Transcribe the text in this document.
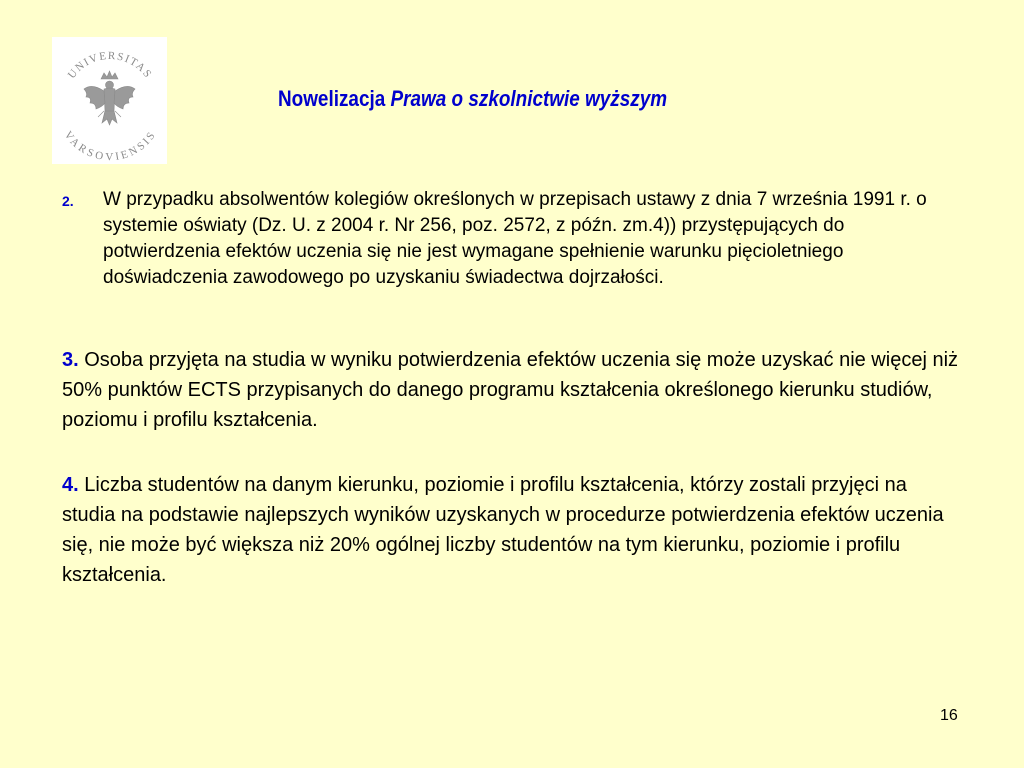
UNIVERSITAS
VARSOVIENSIS
Nowelizacja Prawa o szkolnictwie wyższym
2. W przypadku absolwentów kolegiów określonych w przepisach ustawy z dnia 7 września 1991 r. o systemie oświaty (Dz. U. z 2004 r. Nr 256, poz. 2572, z późn. zm.4)) przystępujących do potwierdzenia efektów uczenia się nie jest wymagane spełnienie warunku pięcioletniego doświadczenia zawodowego po uzyskaniu świadectwa dojrzałości.
3. Osoba przyjęta na studia w wyniku potwierdzenia efektów uczenia się może uzyskać nie więcej niż 50% punktów ECTS przypisanych do danego programu kształcenia określonego kierunku studiów, poziomu i profilu kształcenia.
4. Liczba studentów na danym kierunku, poziomie i profilu kształcenia, którzy zostali przyjęci na studia na podstawie najlepszych wyników uzyskanych w procedurze potwierdzenia efektów uczenia się, nie może być większa niż 20% ogólnej liczby studentów na tym kierunku, poziomie i profilu kształcenia.
16
